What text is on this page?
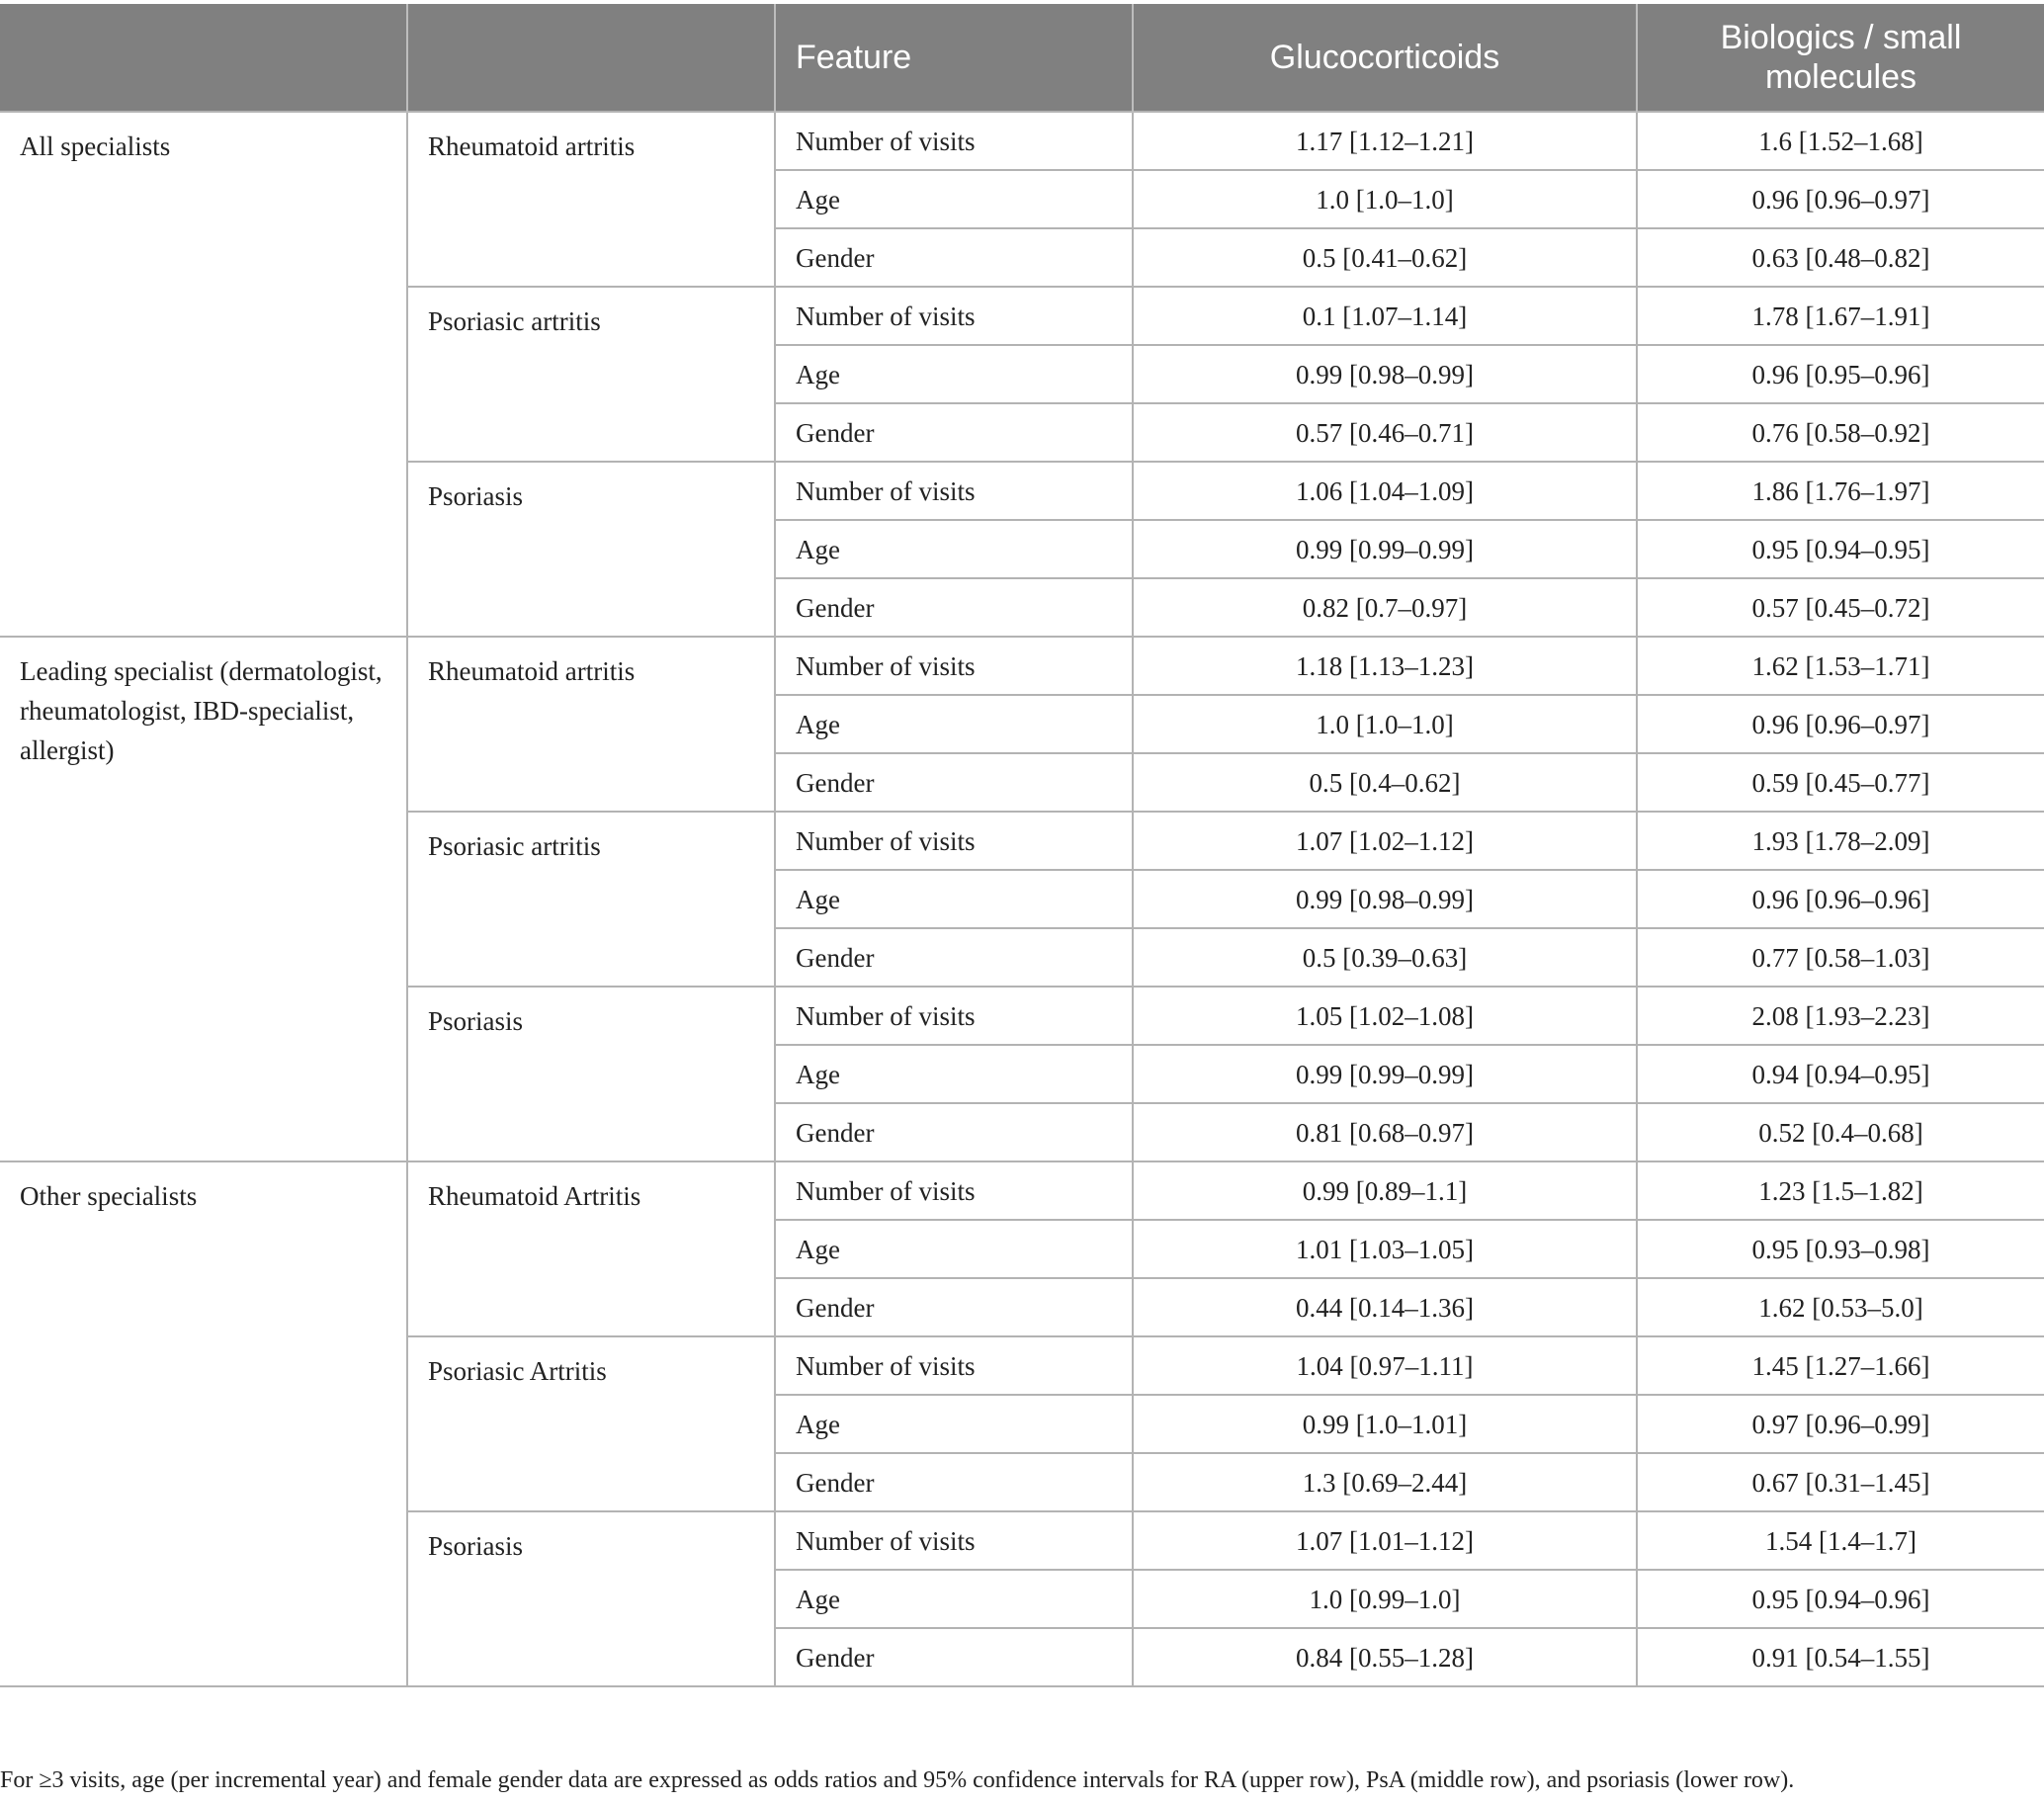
		Feature	Glucocorticoids	Biologics / small molecules
All specialists	Rheumatoid artritis	Number of visits	1.17 [1.12–1.21]	1.6 [1.52–1.68]
		Age	1.0 [1.0–1.0]	0.96 [0.96–0.97]
		Gender	0.5 [0.41–0.62]	0.63 [0.48–0.82]
	Psoriasic artritis	Number of visits	0.1 [1.07–1.14]	1.78 [1.67–1.91]
		Age	0.99 [0.98–0.99]	0.96 [0.95–0.96]
		Gender	0.57 [0.46–0.71]	0.76 [0.58–0.92]
	Psoriasis	Number of visits	1.06 [1.04–1.09]	1.86 [1.76–1.97]
		Age	0.99 [0.99–0.99]	0.95 [0.94–0.95]
		Gender	0.82 [0.7–0.97]	0.57 [0.45–0.72]
Leading specialist (dermatologist, rheumatologist, IBD-specialist, allergist)	Rheumatoid artritis	Number of visits	1.18 [1.13–1.23]	1.62 [1.53–1.71]
		Age	1.0 [1.0–1.0]	0.96 [0.96–0.97]
		Gender	0.5 [0.4–0.62]	0.59 [0.45–0.77]
	Psoriasic artritis	Number of visits	1.07 [1.02–1.12]	1.93 [1.78–2.09]
		Age	0.99 [0.98–0.99]	0.96 [0.96–0.96]
		Gender	0.5 [0.39–0.63]	0.77 [0.58–1.03]
	Psoriasis	Number of visits	1.05 [1.02–1.08]	2.08 [1.93–2.23]
		Age	0.99 [0.99–0.99]	0.94 [0.94–0.95]
		Gender	0.81 [0.68–0.97]	0.52 [0.4–0.68]
Other specialists	Rheumatoid Artritis	Number of visits	0.99 [0.89–1.1]	1.23 [1.5–1.82]
		Age	1.01 [1.03–1.05]	0.95 [0.93–0.98]
		Gender	0.44 [0.14–1.36]	1.62 [0.53–5.0]
	Psoriasic Artritis	Number of visits	1.04 [0.97–1.11]	1.45 [1.27–1.66]
		Age	0.99 [1.0–1.01]	0.97 [0.96–0.99]
		Gender	1.3 [0.69–2.44]	0.67 [0.31–1.45]
	Psoriasis	Number of visits	1.07 [1.01–1.12]	1.54 [1.4–1.7]
		Age	1.0 [0.99–1.0]	0.95 [0.94–0.96]
		Gender	0.84 [0.55–1.28]	0.91 [0.54–1.55]
For ≥3 visits, age (per incremental year) and female gender data are expressed as odds ratios and 95% confidence intervals for RA (upper row), PsA (middle row), and psoriasis (lower row).
